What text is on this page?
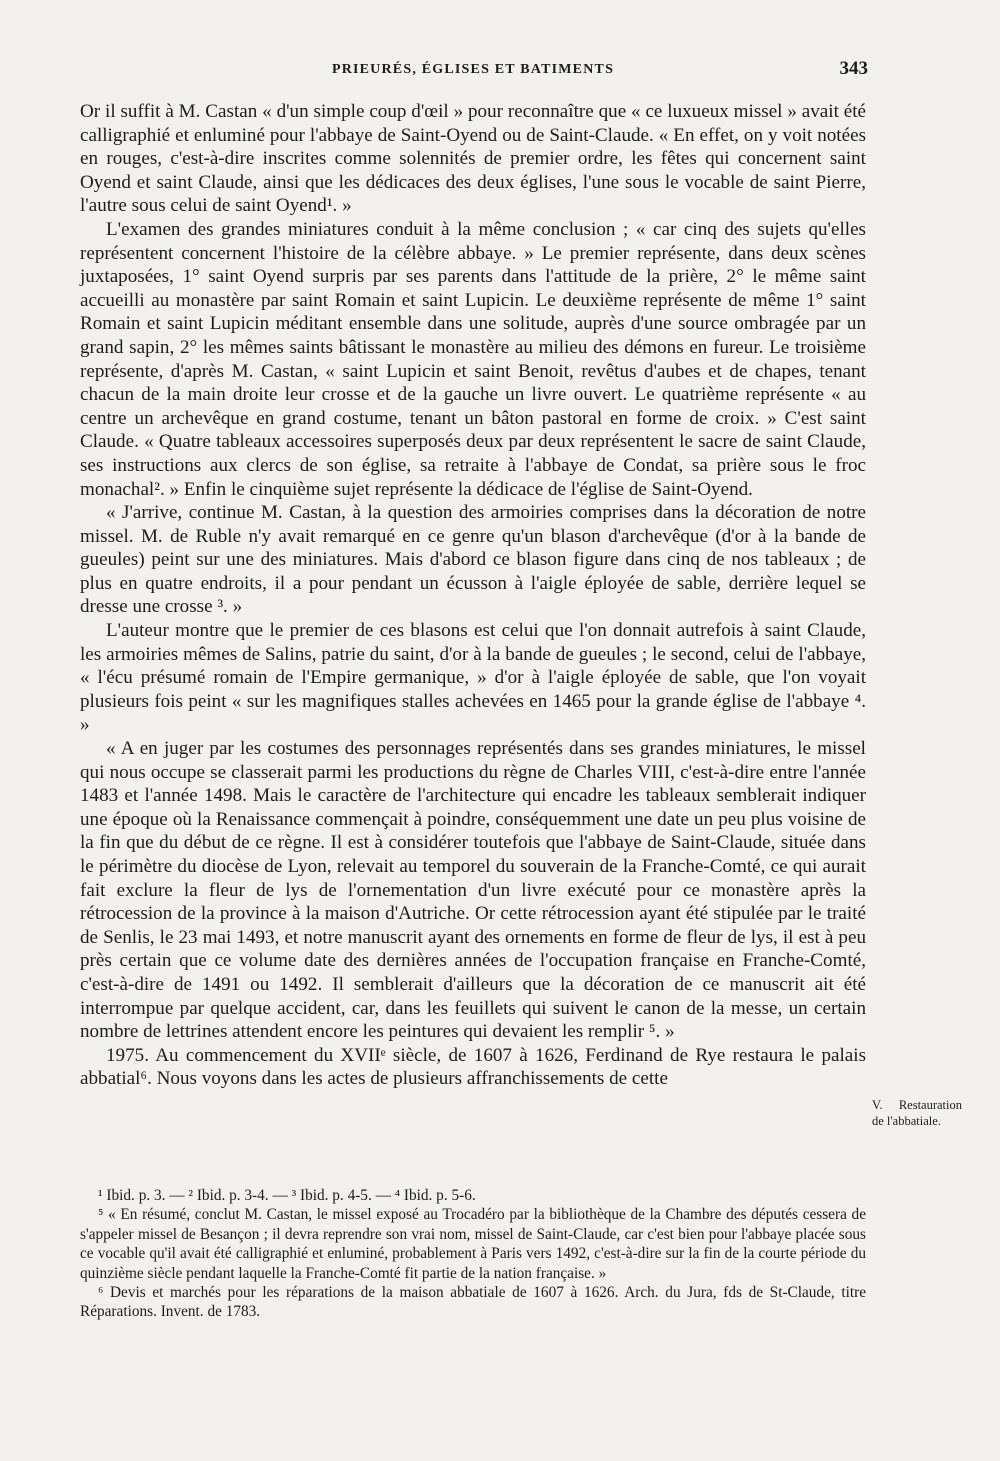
PRIEURÉS, ÉGLISES ET BATIMENTS	343

Or il suffit à M. Castan « d'un simple coup d'œil » pour reconnaître que « ce luxueux missel » avait été calligraphié et enluminé pour l'abbaye de Saint-Oyend ou de Saint-Claude. « En effet, on y voit notées en rouges, c'est-à-dire inscrites comme solennités de premier ordre, les fêtes qui concernent saint Oyend et saint Claude, ainsi que les dédicaces des deux églises, l'une sous le vocable de saint Pierre, l'autre sous celui de saint Oyend¹. »

L'examen des grandes miniatures conduit à la même conclusion ; « car cinq des sujets qu'elles représentent concernent l'histoire de la célèbre abbaye. » Le premier représente, dans deux scènes juxtaposées, 1° saint Oyend surpris par ses parents dans l'attitude de la prière, 2° le même saint accueilli au monastère par saint Romain et saint Lupicin. Le deuxième représente de même 1° saint Romain et saint Lupicin méditant ensemble dans une solitude, auprès d'une source ombragée par un grand sapin, 2° les mêmes saints bâtissant le monastère au milieu des démons en fureur. Le troisième représente, d'après M. Castan, « saint Lupicin et saint Benoit, revêtus d'aubes et de chapes, tenant chacun de la main droite leur crosse et de la gauche un livre ouvert. Le quatrième représente « au centre un archevêque en grand costume, tenant un bâton pastoral en forme de croix. » C'est saint Claude. « Quatre tableaux accessoires superposés deux par deux représentent le sacre de saint Claude, ses instructions aux clercs de son église, sa retraite à l'abbaye de Condat, sa prière sous le froc monachal². » Enfin le cinquième sujet représente la dédicace de l'église de Saint-Oyend.

« J'arrive, continue M. Castan, à la question des armoiries comprises dans la décoration de notre missel. M. de Ruble n'y avait remarqué en ce genre qu'un blason d'archevêque (d'or à la bande de gueules) peint sur une des miniatures. Mais d'abord ce blason figure dans cinq de nos tableaux ; de plus en quatre endroits, il a pour pendant un écusson à l'aigle éployée de sable, derrière lequel se dresse une crosse ³. »

L'auteur montre que le premier de ces blasons est celui que l'on donnait autrefois à saint Claude, les armoiries mêmes de Salins, patrie du saint, d'or à la bande de gueules ; le second, celui de l'abbaye, « l'écu présumé romain de l'Empire germanique, » d'or à l'aigle éployée de sable, que l'on voyait plusieurs fois peint « sur les magnifiques stalles achevées en 1465 pour la grande église de l'abbaye ⁴. »

« A en juger par les costumes des personnages représentés dans ses grandes miniatures, le missel qui nous occupe se classerait parmi les productions du règne de Charles VIII, c'est-à-dire entre l'année 1483 et l'année 1498. Mais le caractère de l'architecture qui encadre les tableaux semblerait indiquer une époque où la Renaissance commençait à poindre, conséquemment une date un peu plus voisine de la fin que du début de ce règne. Il est à considérer toutefois que l'abbaye de Saint-Claude, située dans le périmètre du diocèse de Lyon, relevait au temporel du souverain de la Franche-Comté, ce qui aurait fait exclure la fleur de lys de l'ornementation d'un livre exécuté pour ce monastère après la rétrocession de la province à la maison d'Autriche. Or cette rétrocession ayant été stipulée par le traité de Senlis, le 23 mai 1493, et notre manuscrit ayant des ornements en forme de fleur de lys, il est à peu près certain que ce volume date des dernières années de l'occupation française en Franche-Comté, c'est-à-dire de 1491 ou 1492. Il semblerait d'ailleurs que la décoration de ce manuscrit ait été interrompue par quelque accident, car, dans les feuillets qui suivent le canon de la messe, un certain nombre de lettrines attendent encore les peintures qui devaient les remplir ⁵. »

1975. Au commencement du XVIIᵉ siècle, de 1607 à 1626, Ferdinand de Rye restaura le palais abbatial⁶. Nous voyons dans les actes de plusieurs affranchissements de cette

V. Restauration de l'abbatiale.

¹ Ibid. p. 3. — ² Ibid. p. 3-4. — ³ Ibid. p. 4-5. — ⁴ Ibid. p. 5-6.

⁵ « En résumé, conclut M. Castan, le missel exposé au Trocadéro par la bibliothèque de la Chambre des députés cessera de s'appeler missel de Besançon ; il devra reprendre son vrai nom, missel de Saint-Claude, car c'est bien pour l'abbaye placée sous ce vocable qu'il avait été calligraphié et enluminé, probablement à Paris vers 1492, c'est-à-dire sur la fin de la courte période du quinzième siècle pendant laquelle la Franche-Comté fit partie de la nation française. »

⁶ Devis et marchés pour les réparations de la maison abbatiale de 1607 à 1626. Arch. du Jura, fds de St-Claude, titre Réparations. Invent. de 1783.
